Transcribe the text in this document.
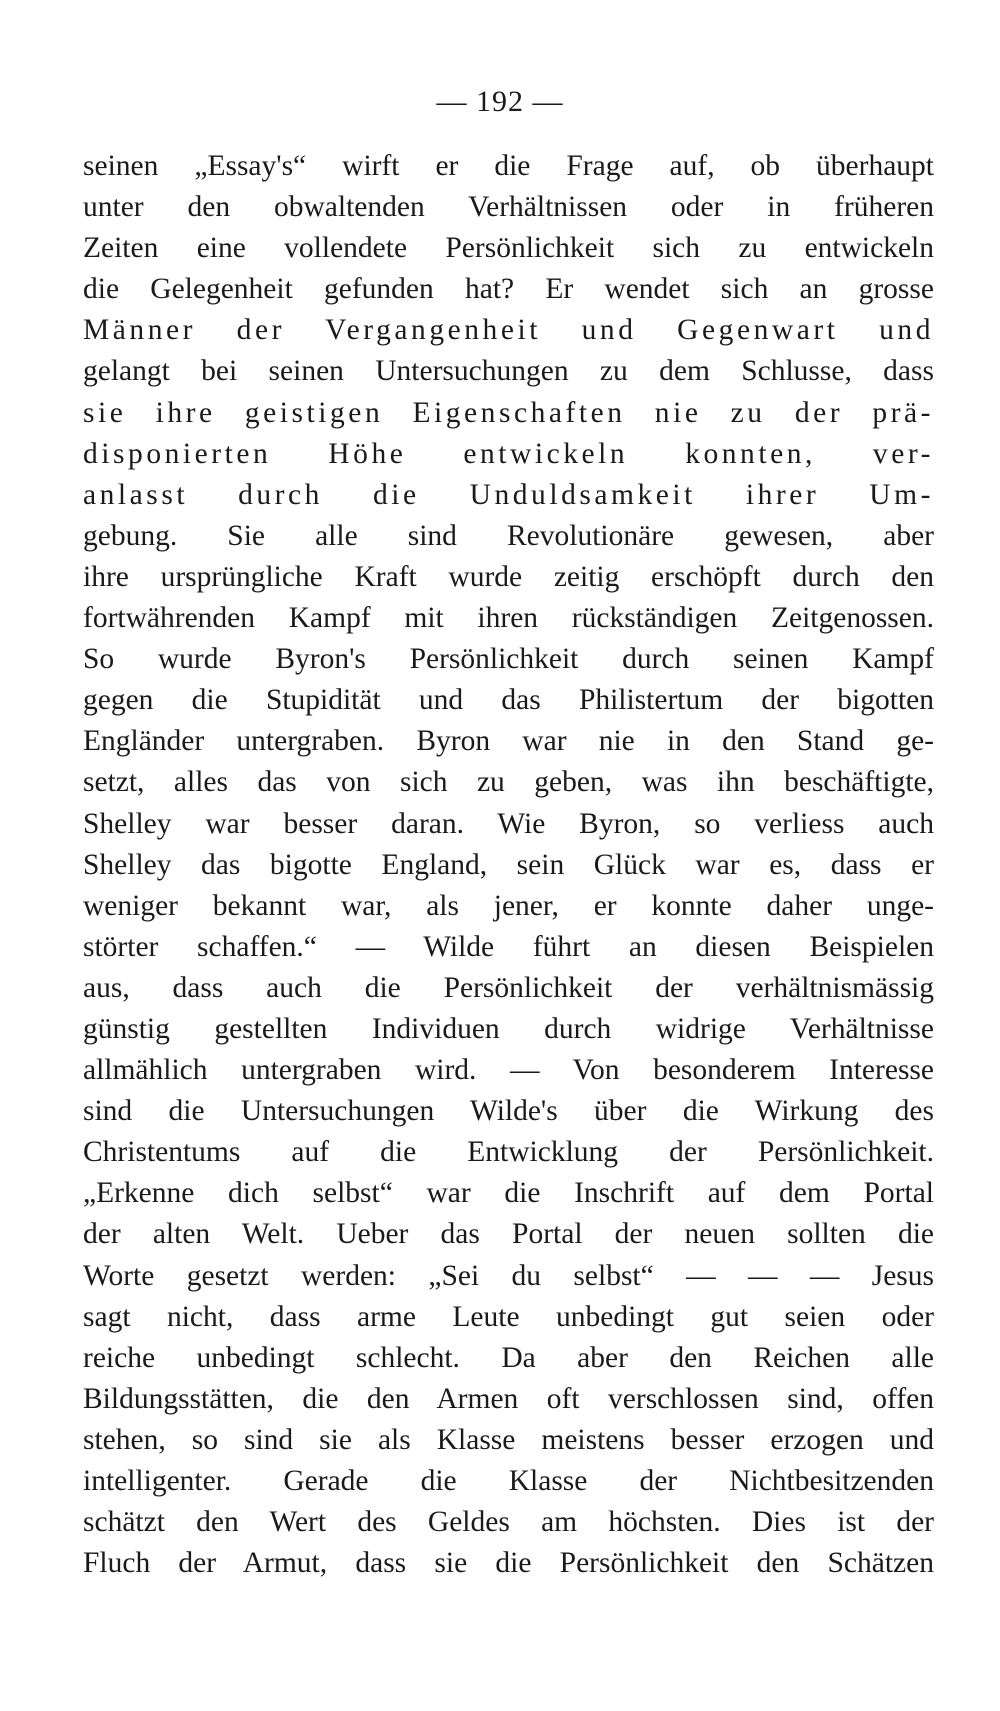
— 192 —
seinen „Essay's“ wirft er die Frage auf, ob überhaupt
unter den obwaltenden Verhältnissen oder in früheren
Zeiten eine vollendete Persönlichkeit sich zu entwickeln
die Gelegenheit gefunden hat? Er wendet sich an grosse
Männer der Vergangenheit und Gegenwart und
gelangt bei seinen Untersuchungen zu dem Schlusse, dass
sie ihre geistigen Eigenschaften nie zu der prä-
disponierten Höhe entwickeln konnten, ver-
anlasst durch die Unduldsamkeit ihrer Um-
gebung. Sie alle sind Revolutionäre gewesen, aber
ihre ursprüngliche Kraft wurde zeitig erschöpft durch den
fortwährenden Kampf mit ihren rückständigen Zeitgenossen.
So wurde Byron's Persönlichkeit durch seinen Kampf
gegen die Stupidität und das Philistertum der bigotten
Engländer untergraben. Byron war nie in den Stand ge-
setzt, alles das von sich zu geben, was ihn beschäftigte,
Shelley war besser daran. Wie Byron, so verliess auch
Shelley das bigotte England, sein Glück war es, dass er
weniger bekannt war, als jener, er konnte daher unge-
störter schaffen.“ — Wilde führt an diesen Beispielen
aus, dass auch die Persönlichkeit der verhältnismässig
günstig gestellten Individuen durch widrige Verhältnisse
allmählich untergraben wird. — Von besonderem Interesse
sind die Untersuchungen Wilde's über die Wirkung des
Christentums auf die Entwicklung der Persönlichkeit.
„Erkenne dich selbst“ war die Inschrift auf dem Portal
der alten Welt. Ueber das Portal der neuen sollten die
Worte gesetzt werden: „Sei du selbst“ — — — Jesus
sagt nicht, dass arme Leute unbedingt gut seien oder
reiche unbedingt schlecht. Da aber den Reichen alle
Bildungsstätten, die den Armen oft verschlossen sind, offen
stehen, so sind sie als Klasse meistens besser erzogen und
intelligenter. Gerade die Klasse der Nichtbesitzenden
schätzt den Wert des Geldes am höchsten. Dies ist der
Fluch der Armut, dass sie die Persönlichkeit den Schätzen
